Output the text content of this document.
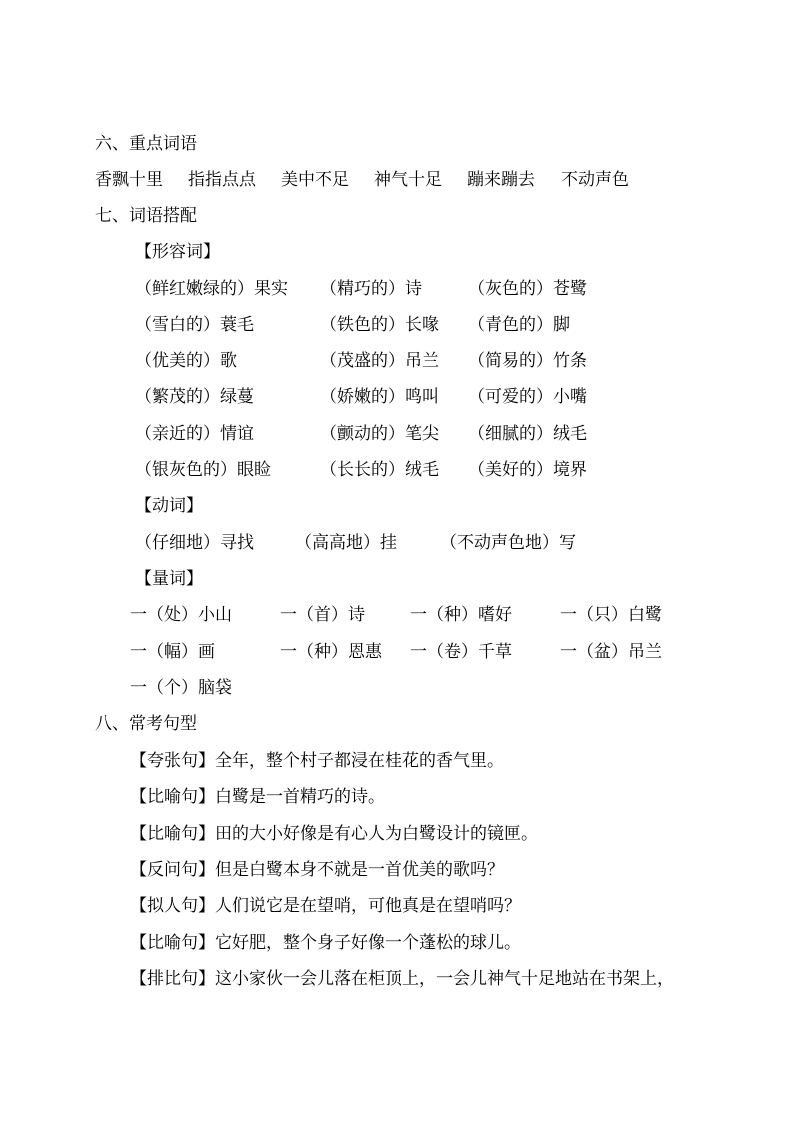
六、重点词语
香飘十里 指指点点 美中不足 神气十足 蹦来蹦去 不动声色
七、词语搭配
【形容词】
（鲜红嫩绿的）果实 （精巧的）诗	（灰色的）苍鹭
（雪白的）蓑毛	（铁色的）长喙 （青色的）脚
（优美的）歌	（茂盛的）吊兰 （简易的）竹条
（繁茂的）绿蔓	（娇嫩的）鸣叫 （可爱的）小嘴
（亲近的）情谊	（颤动的）笔尖 （细腻的）绒毛
（银灰色的）眼睑	（长长的）绒毛 （美好的）境界
【动词】
（仔细地）寻找 （高高地）挂	（不动声色地）写
【量词】
一（处）小山	一（首）诗	一（种）嗜好	一（只）白鹭
一（幅）画	一（种）恩惠 一（卷）千草	一（盆）吊兰
一（个）脑袋
八、常考句型
【夸张句】全年，整个村子都浸在桂花的香气里。
【比喻句】白鹭是一首精巧的诗。
【比喻句】田的大小好像是有心人为白鹭设计的镜匣。
【反问句】但是白鹭本身不就是一首优美的歌吗？
【拟人句】人们说它是在望哨，可他真是在望哨吗？
【比喻句】它好肥，整个身子好像一个蓬松的球儿。
【排比句】这小家伙一会儿落在柜顶上，一会儿神气十足地站在书架上，
